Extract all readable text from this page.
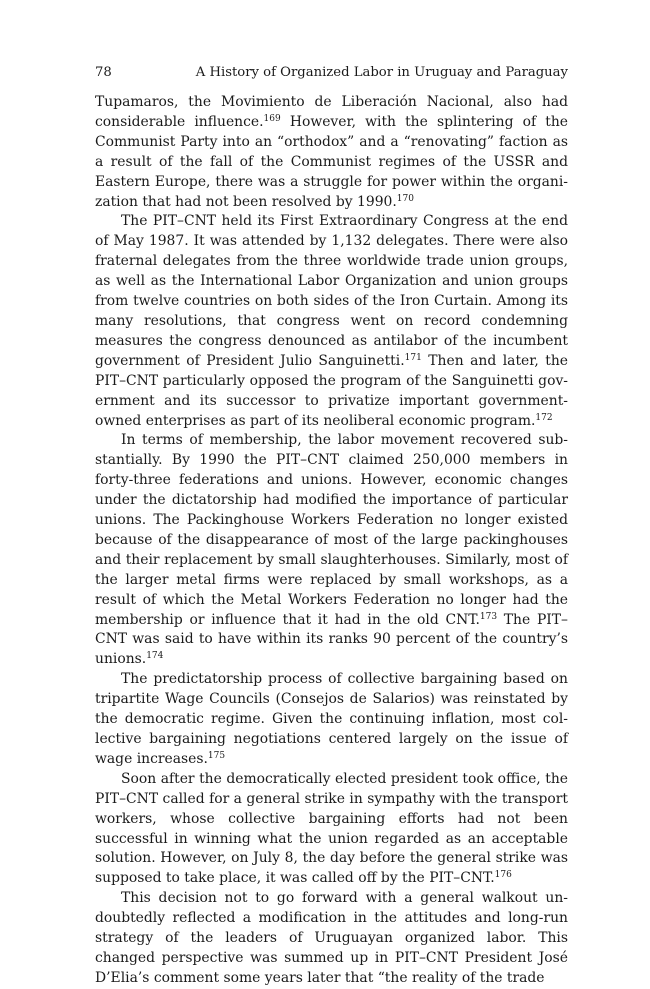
78	A History of Organized Labor in Uruguay and Paraguay

Tupamaros, the Movimiento de Liberación Nacional, also had considerable influence.$^{169}$ However, with the splintering of the Communist Party into an “orthodox” and a “renovating” faction as a result of the fall of the Communist regimes of the USSR and Eastern Europe, there was a struggle for power within the organization that had not been resolved by 1990.$^{170}$

The PIT–CNT held its First Extraordinary Congress at the end of May 1987. It was attended by 1,132 delegates. There were also fraternal delegates from the three worldwide trade union groups, as well as the International Labor Organization and union groups from twelve countries on both sides of the Iron Curtain. Among its many resolutions, that congress went on record condemning measures the congress denounced as antilabor of the incumbent government of President Julio Sanguinetti.$^{171}$ Then and later, the PIT–CNT particularly opposed the program of the Sanguinetti government and its successor to privatize important government-owned enterprises as part of its neoliberal economic program.$^{172}$

In terms of membership, the labor movement recovered substantially. By 1990 the PIT–CNT claimed 250,000 members in forty-three federations and unions. However, economic changes under the dictatorship had modified the importance of particular unions. The Packinghouse Workers Federation no longer existed because of the disappearance of most of the large packinghouses and their replacement by small slaughterhouses. Similarly, most of the larger metal firms were replaced by small workshops, as a result of which the Metal Workers Federation no longer had the membership or influence that it had in the old CNT.$^{173}$ The PIT–CNT was said to have within its ranks 90 percent of the country’s unions.$^{174}$

The predictatorship process of collective bargaining based on tripartite Wage Councils (Consejos de Salarios) was reinstated by the democratic regime. Given the continuing inflation, most collective bargaining negotiations centered largely on the issue of wage increases.$^{175}$

Soon after the democratically elected president took office, the PIT–CNT called for a general strike in sympathy with the transport workers, whose collective bargaining efforts had not been successful in winning what the union regarded as an acceptable solution. However, on July 8, the day before the general strike was supposed to take place, it was called off by the PIT–CNT.$^{176}$

This decision not to go forward with a general walkout undoubtedly reflected a modification in the attitudes and long-run strategy of the leaders of Uruguayan organized labor. This changed perspective was summed up in PIT–CNT President José D’Elia’s comment some years later that “the reality of the trade
